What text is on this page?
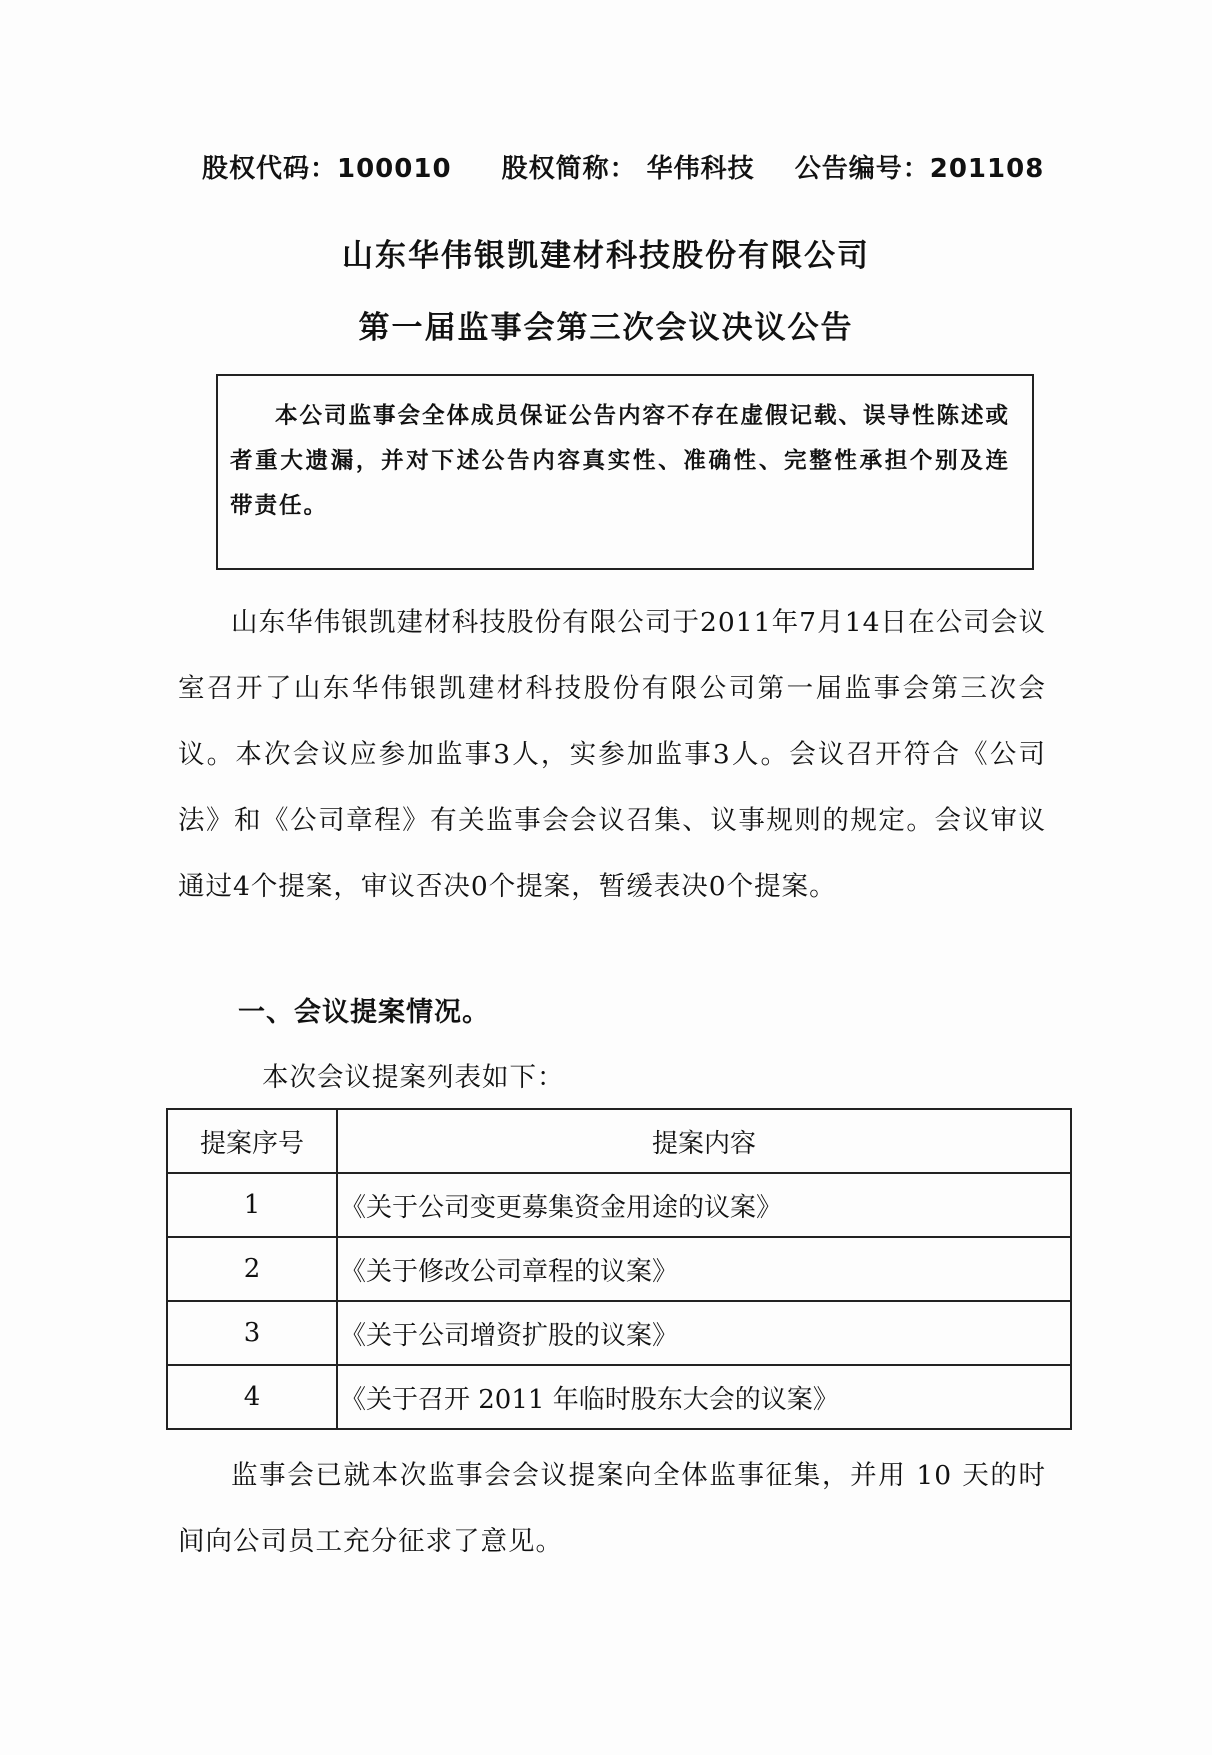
股权代码：100010 股权简称： 华伟科技 公告编号：201108
山东华伟银凯建材科技股份有限公司
第一届监事会第三次会议决议公告
本公司监事会全体成员保证公告内容不存在虚假记载、误导性陈述或者重大遗漏，并对下述公告内容真实性、准确性、完整性承担个别及连带责任。
山东华伟银凯建材科技股份有限公司于2011年7月14日在公司会议室召开了山东华伟银凯建材科技股份有限公司第一届监事会第三次会议。本次会议应参加监事3人，实参加监事3人。会议召开符合《公司法》和《公司章程》有关监事会会议召集、议事规则的规定。会议审议通过4个提案，审议否决0个提案，暂缓表决0个提案。
一、会议提案情况。
本次会议提案列表如下：
提案序号	提案内容
1	《关于公司变更募集资金用途的议案》
2	《关于修改公司章程的议案》
3	《关于公司增资扩股的议案》
4	《关于召开 2011 年临时股东大会的议案》
监事会已就本次监事会会议提案向全体监事征集，并用 10 天的时间向公司员工充分征求了意见。
